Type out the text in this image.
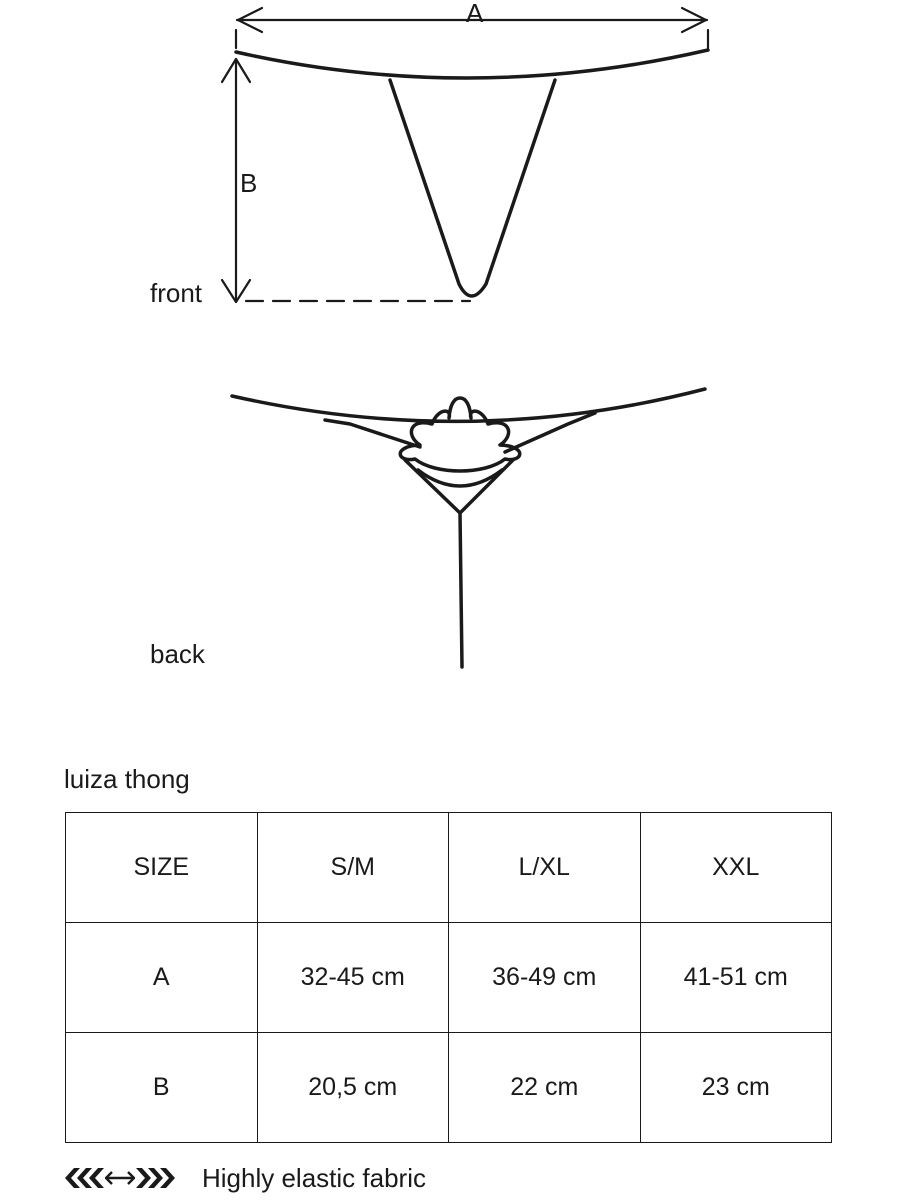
A
B
front
back
luiza thong
SIZE	S/M	L/XL	XXL
A	32-45 cm	36-49 cm	41-51 cm
B	20,5 cm	22 cm	23 cm
Highly elastic fabric
